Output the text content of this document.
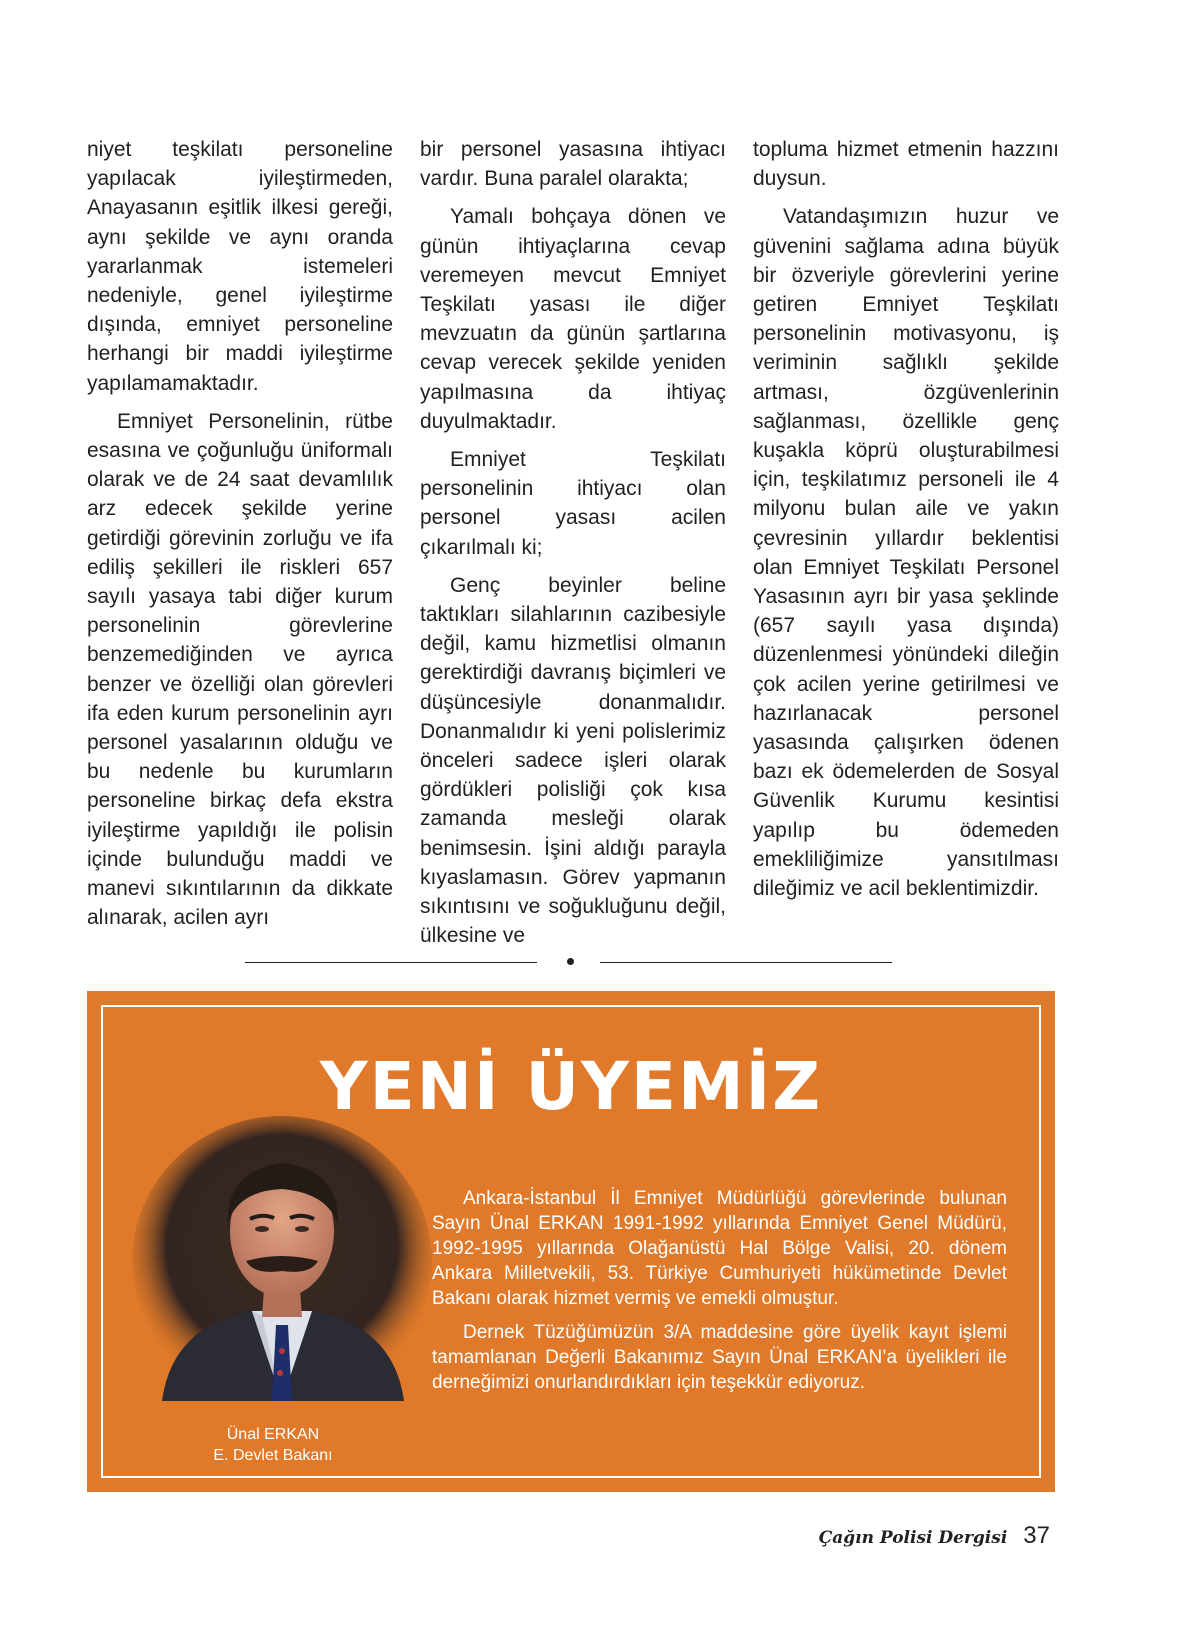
niyet teşkilatı personeline yapılacak iyileştirmeden, Anayasanın eşitlik ilkesi gereği, aynı şekilde ve aynı oranda yararlanmak istemeleri nedeniyle, genel iyileştirme dışında, emniyet personeline herhangi bir maddi iyileştirme yapılamamaktadır.

Emniyet Personelinin, rütbe esasına ve çoğunluğu üniformalı olarak ve de 24 saat devamlılık arz edecek şekilde yerine getirdiği görevinin zorluğu ve ifa ediliş şekilleri ile riskleri 657 sayılı yasaya tabi diğer kurum personelinin görevlerine benzemediğinden ve ayrıca benzer ve özelliği olan görevleri ifa eden kurum personelinin ayrı personel yasalarının olduğu ve bu nedenle bu kurumların personeline birkaç defa ekstra iyileştirme yapıldığı ile polisin içinde bulunduğu maddi ve manevi sıkıntılarının da dikkate alınarak, acilen ayrı

bir personel yasasına ihtiyacı vardır. Buna paralel olarakta;

Yamalı bohçaya dönen ve günün ihtiyaçlarına cevap veremeyen mevcut Emniyet Teşkilatı yasası ile diğer mevzuatın da günün şartlarına cevap verecek şekilde yeniden yapılmasına da ihtiyaç duyulmaktadır.

Emniyet Teşkilatı personelinin ihtiyacı olan personel yasası acilen çıkarılmalı ki;

Genç beyinler beline taktıkları silahlarının cazibesiyle değil, kamu hizmetlisi olmanın gerektirdiği davranış biçimleri ve düşüncesiyle donanmalıdır. Donanmalıdır ki yeni polislerimiz önceleri sadece işleri olarak gördükleri polisliği çok kısa zamanda mesleği olarak benimsesin. İşini aldığı parayla kıyaslamasın. Görev yapmanın sıkıntısını ve soğukluğunu değil, ülkesine ve

topluma hizmet etmenin hazzını duysun.

Vatandaşımızın huzur ve güvenini sağlama adına büyük bir özveriyle görevlerini yerine getiren Emniyet Teşkilatı personelinin motivasyonu, iş veriminin sağlıklı şekilde artması, özgüvenlerinin sağlanması, özellikle genç kuşakla köprü oluşturabilmesi için, teşkilatımız personeli ile 4 milyonu bulan aile ve yakın çevresinin yıllardır beklentisi olan Emniyet Teşkilatı Personel Yasasının ayrı bir yasa şeklinde (657 sayılı yasa dışında) düzenlenmesi yönündeki dileğin çok acilen yerine getirilmesi ve hazırlanacak personel yasasında çalışırken ödenen bazı ek ödemelerden de Sosyal Güvenlik Kurumu kesintisi yapılıp bu ödemeden emekliliğimize yansıtılması dileğimiz ve acil beklentimizdir.

YENİ ÜYEMİZ
Ünal ERKAN
E. Devlet Bakanı

Ankara-İstanbul İl Emniyet Müdürlüğü görevlerinde bulunan Sayın Ünal ERKAN 1991-1992 yıllarında Emniyet Genel Müdürü, 1992-1995 yıllarında Olağanüstü Hal Bölge Valisi, 20. dönem Ankara Milletvekili, 53. Türkiye Cumhuriyeti hükümetinde Devlet Bakanı olarak hizmet vermiş ve emekli olmuştur.

Dernek Tüzüğümüzün 3/A maddesine göre üyelik kayıt işlemi tamamlanan Değerli Bakanımız Sayın Ünal ERKAN’a üyelikleri ile derneğimizi onurlandırdıkları için teşekkür ediyoruz.

Çağın Polisi Dergisi 37
